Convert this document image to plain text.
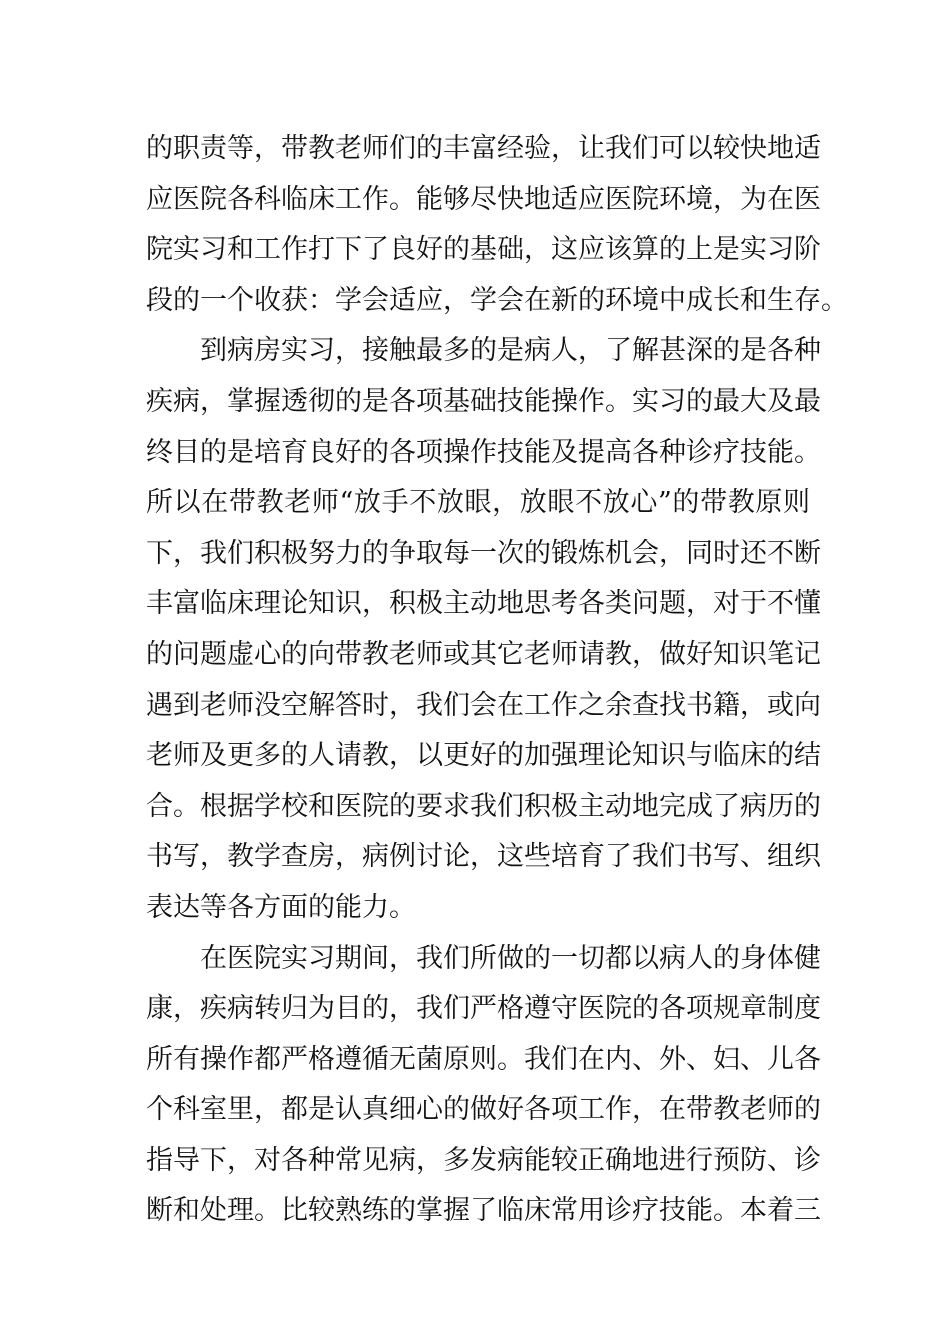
的职责等，带教老师们的丰富经验，让我们可以较快地适
应医院各科临床工作。能够尽快地适应医院环境，为在医
院实习和工作打下了良好的基础，这应该算的上是实习阶
段的一个收获：学会适应，学会在新的环境中成长和生存。
到病房实习，接触最多的是病人，了解甚深的是各种
疾病，掌握透彻的是各项基础技能操作。实习的最大及最
终目的是培育良好的各项操作技能及提高各种诊疗技能。
所以在带教老师“放手不放眼，放眼不放心”的带教原则
下，我们积极努力的争取每一次的锻炼机会，同时还不断
丰富临床理论知识，积极主动地思考各类问题，对于不懂
的问题虚心的向带教老师或其它老师请教，做好知识笔记
遇到老师没空解答时，我们会在工作之余查找书籍，或向
老师及更多的人请教，以更好的加强理论知识与临床的结
合。根据学校和医院的要求我们积极主动地完成了病历的
书写，教学查房，病例讨论，这些培育了我们书写、组织
表达等各方面的能力。
在医院实习期间，我们所做的一切都以病人的身体健
康，疾病转归为目的，我们严格遵守医院的各项规章制度
所有操作都严格遵循无菌原则。我们在内、外、妇、儿各
个科室里，都是认真细心的做好各项工作，在带教老师的
指导下，对各种常见病，多发病能较正确地进行预防、诊
断和处理。比较熟练的掌握了临床常用诊疗技能。本着三
